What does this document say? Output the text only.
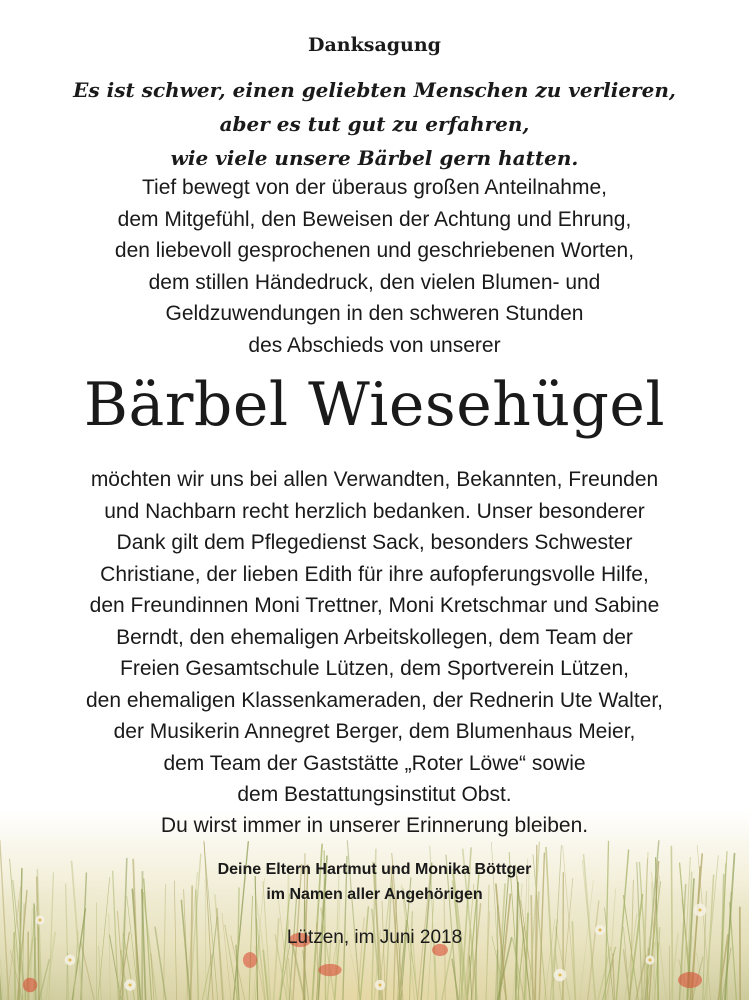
Danksagung
Es ist schwer, einen geliebten Menschen zu verlieren,
aber es tut gut zu erfahren,
wie viele unsere Bärbel gern hatten.
Tief bewegt von der überaus großen Anteilnahme,
dem Mitgefühl, den Beweisen der Achtung und Ehrung,
den liebevoll gesprochenen und geschriebenen Worten,
dem stillen Händedruck, den vielen Blumen- und
Geldzuwendungen in den schweren Stunden
des Abschieds von unserer
Bärbel Wiesehügel
möchten wir uns bei allen Verwandten, Bekannten, Freunden
und Nachbarn recht herzlich bedanken. Unser besonderer
Dank gilt dem Pflegedienst Sack, besonders Schwester
Christiane, der lieben Edith für ihre aufopferungsvolle Hilfe,
den Freundinnen Moni Trettner, Moni Kretschmar und Sabine
Berndt, den ehemaligen Arbeitskollegen, dem Team der
Freien Gesamtschule Lützen, dem Sportverein Lützen,
den ehemaligen Klassenkameraden, der Rednerin Ute Walter,
der Musikerin Annegret Berger, dem Blumenhaus Meier,
dem Team der Gaststätte „Roter Löwe“ sowie
dem Bestattungsinstitut Obst.
Du wirst immer in unserer Erinnerung bleiben.
Deine Eltern Hartmut und Monika Böttger
im Namen aller Angehörigen
Lützen, im Juni 2018
